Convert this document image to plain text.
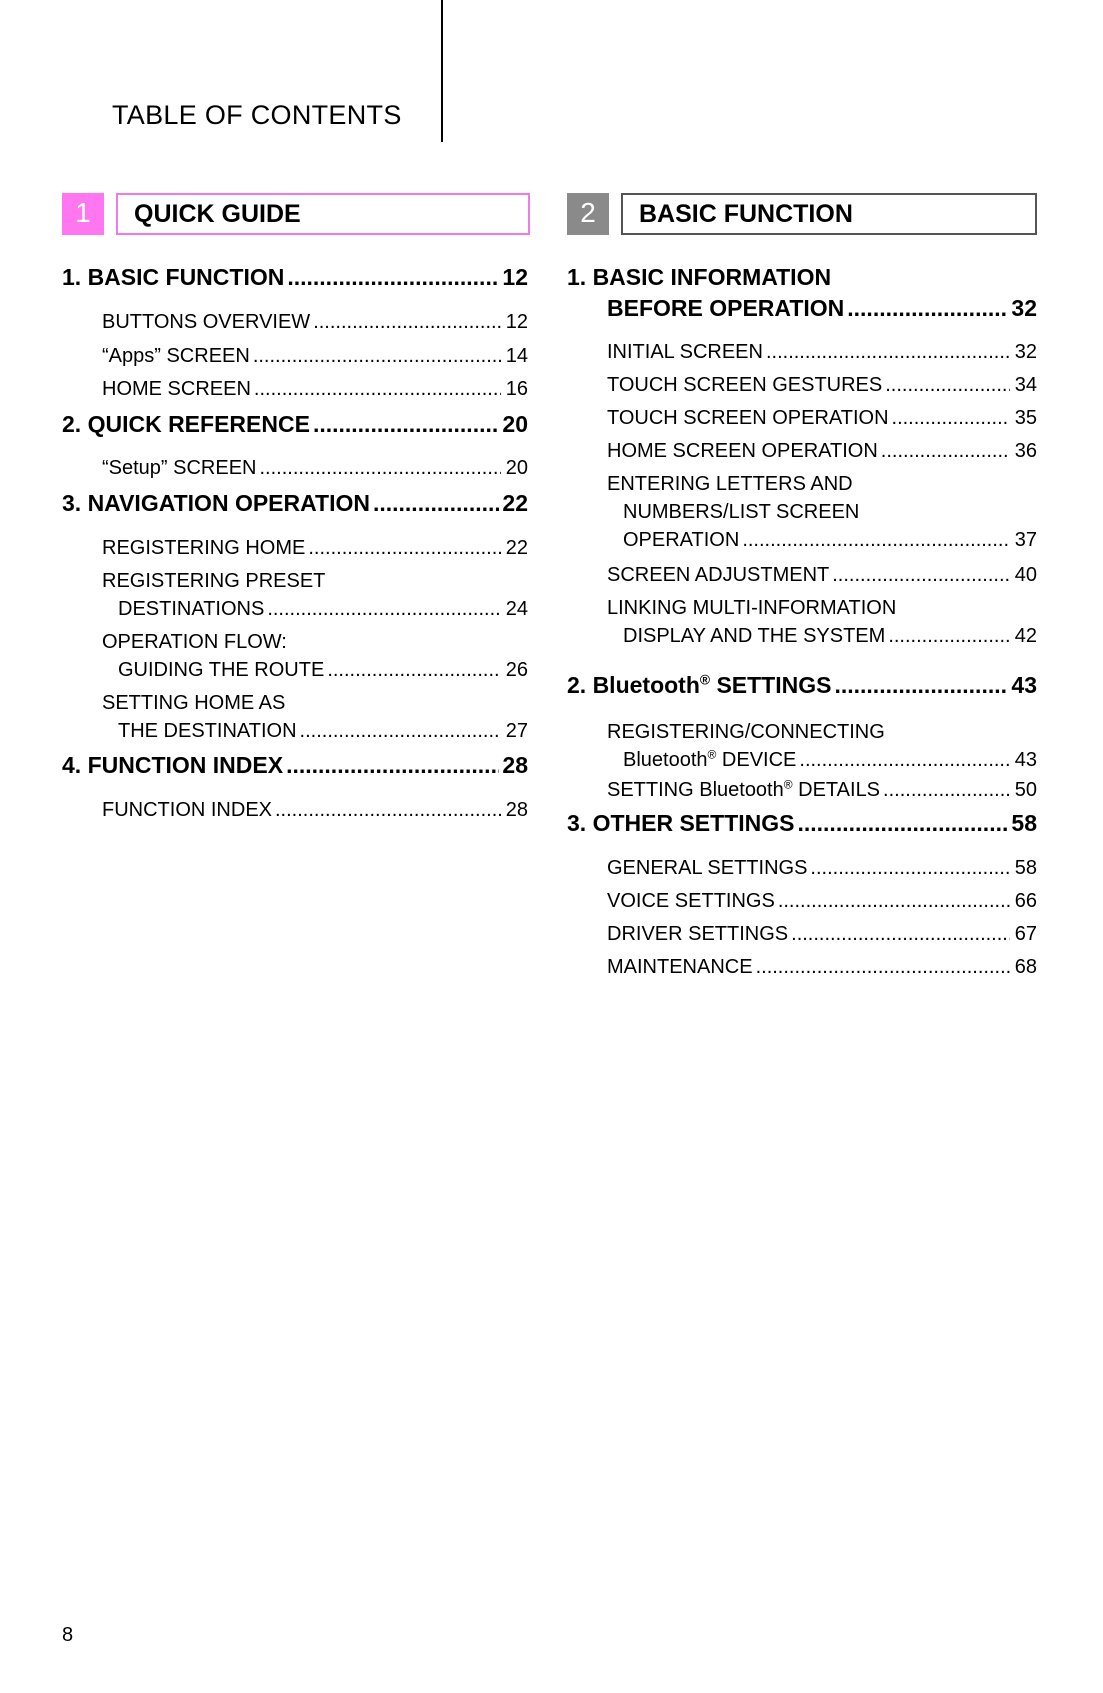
TABLE OF CONTENTS
1	QUICK GUIDE	2	BASIC FUNCTION
1. BASIC FUNCTION .....	12
BUTTONS OVERVIEW .....	12
“Apps” SCREEN .....	14
HOME SCREEN .....	16
2. QUICK REFERENCE .....	20
“Setup” SCREEN .....	20
3. NAVIGATION OPERATION .....	22
REGISTERING HOME .....	22
REGISTERING PRESET
DESTINATIONS .....	24
OPERATION FLOW:
GUIDING THE ROUTE .....	26
SETTING HOME AS
THE DESTINATION .....	27
4. FUNCTION INDEX .....	28
FUNCTION INDEX .....	28
1. BASIC INFORMATION
BEFORE OPERATION .....	32
INITIAL SCREEN .....	32
TOUCH SCREEN GESTURES .....	34
TOUCH SCREEN OPERATION .....	35
HOME SCREEN OPERATION .....	36
ENTERING LETTERS AND
NUMBERS/LIST SCREEN
OPERATION .....	37
SCREEN ADJUSTMENT .....	40
LINKING MULTI-INFORMATION
DISPLAY AND THE SYSTEM .....	42
2. Bluetooth® SETTINGS .....	43
REGISTERING/CONNECTING
Bluetooth® DEVICE .....	43
SETTING Bluetooth® DETAILS .....	50
3. OTHER SETTINGS .....	58
GENERAL SETTINGS .....	58
VOICE SETTINGS .....	66
DRIVER SETTINGS .....	67
MAINTENANCE .....	68
8
